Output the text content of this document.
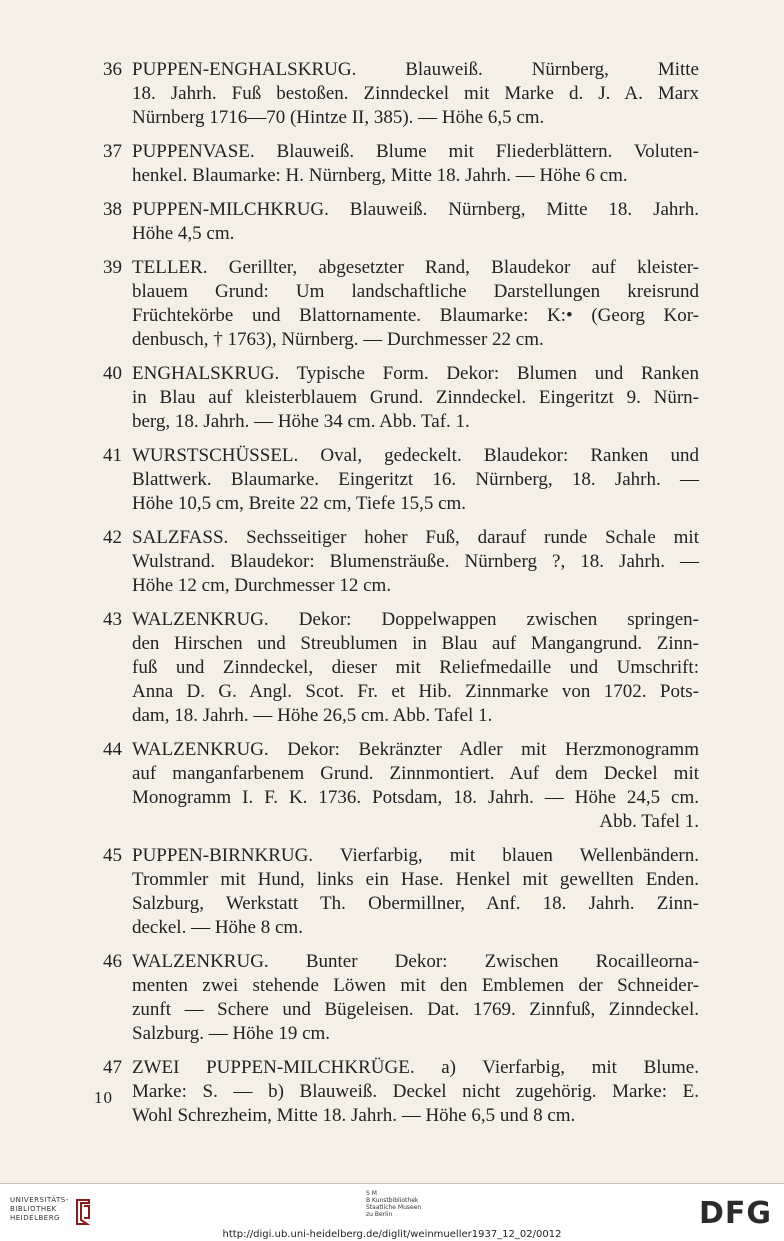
36 PUPPEN-ENGHALSKRUG. Blauweiß. Nürnberg, Mitte
18. Jahrh. Fuß bestoßen. Zinndeckel mit Marke d. J. A. Marx
Nürnberg 1716—70 (Hintze II, 385). — Höhe 6,5 cm.
37 PUPPENVASE. Blauweiß. Blume mit Fliederblättern. Voluten-
henkel. Blaumarke: H. Nürnberg, Mitte 18. Jahrh. — Höhe 6 cm.
38 PUPPEN-MILCHKRUG. Blauweiß. Nürnberg, Mitte 18. Jahrh.
Höhe 4,5 cm.
39 TELLER. Gerillter, abgesetzter Rand, Blaudekor auf kleister-
blauem Grund: Um landschaftliche Darstellungen kreisrund
Früchtekörbe und Blattornamente. Blaumarke: K:• (Georg Kor-
denbusch, † 1763), Nürnberg. — Durchmesser 22 cm.
40 ENGHALSKRUG. Typische Form. Dekor: Blumen und Ranken
in Blau auf kleisterblauem Grund. Zinndeckel. Eingeritzt 9. Nürn-
berg, 18. Jahrh. — Höhe 34 cm. Abb. Taf. 1.
41 WURSTSCHÜSSEL. Oval, gedeckelt. Blaudekor: Ranken und
Blattwerk. Blaumarke. Eingeritzt 16. Nürnberg, 18. Jahrh. —
Höhe 10,5 cm, Breite 22 cm, Tiefe 15,5 cm.
42 SALZFASS. Sechsseitiger hoher Fuß, darauf runde Schale mit
Wulstrand. Blaudekor: Blumensträuße. Nürnberg ?, 18. Jahrh. —
Höhe 12 cm, Durchmesser 12 cm.
43 WALZENKRUG. Dekor: Doppelwappen zwischen springen-
den Hirschen und Streublumen in Blau auf Mangangrund. Zinn-
fuß und Zinndeckel, dieser mit Reliefmedaille und Umschrift:
Anna D. G. Angl. Scot. Fr. et Hib. Zinnmarke von 1702. Pots-
dam, 18. Jahrh. — Höhe 26,5 cm. Abb. Tafel 1.
44 WALZENKRUG. Dekor: Bekränzter Adler mit Herzmonogramm
auf manganfarbenem Grund. Zinnmontiert. Auf dem Deckel mit
Monogramm I. F. K. 1736. Potsdam, 18. Jahrh. — Höhe 24,5 cm.
Abb. Tafel 1.
45 PUPPEN-BIRNKRUG. Vierfarbig, mit blauen Wellenbändern.
Trommler mit Hund, links ein Hase. Henkel mit gewellten Enden.
Salzburg, Werkstatt Th. Obermillner, Anf. 18. Jahrh. Zinn-
deckel. — Höhe 8 cm.
46 WALZENKRUG. Bunter Dekor: Zwischen Rocailleorna-
menten zwei stehende Löwen mit den Emblemen der Schneider-
zunft — Schere und Bügeleisen. Dat. 1769. Zinnfuß, Zinndeckel.
Salzburg. — Höhe 19 cm.
47 ZWEI PUPPEN-MILCHKRÜGE. a) Vierfarbig, mit Blume.
Marke: S. — b) Blauweiß. Deckel nicht zugehörig. Marke: E.
Wohl Schrezheim, Mitte 18. Jahrh. — Höhe 6,5 und 8 cm.
10
UNIVERSITÄTS-
BIBLIOTHEK
HEIDELBERG
S M
B Kunstbibliothek
Staatliche Museen
zu Berlin	DFG
http://digi.ub.uni-heidelberg.de/diglit/weinmueller1937_12_02/0012
